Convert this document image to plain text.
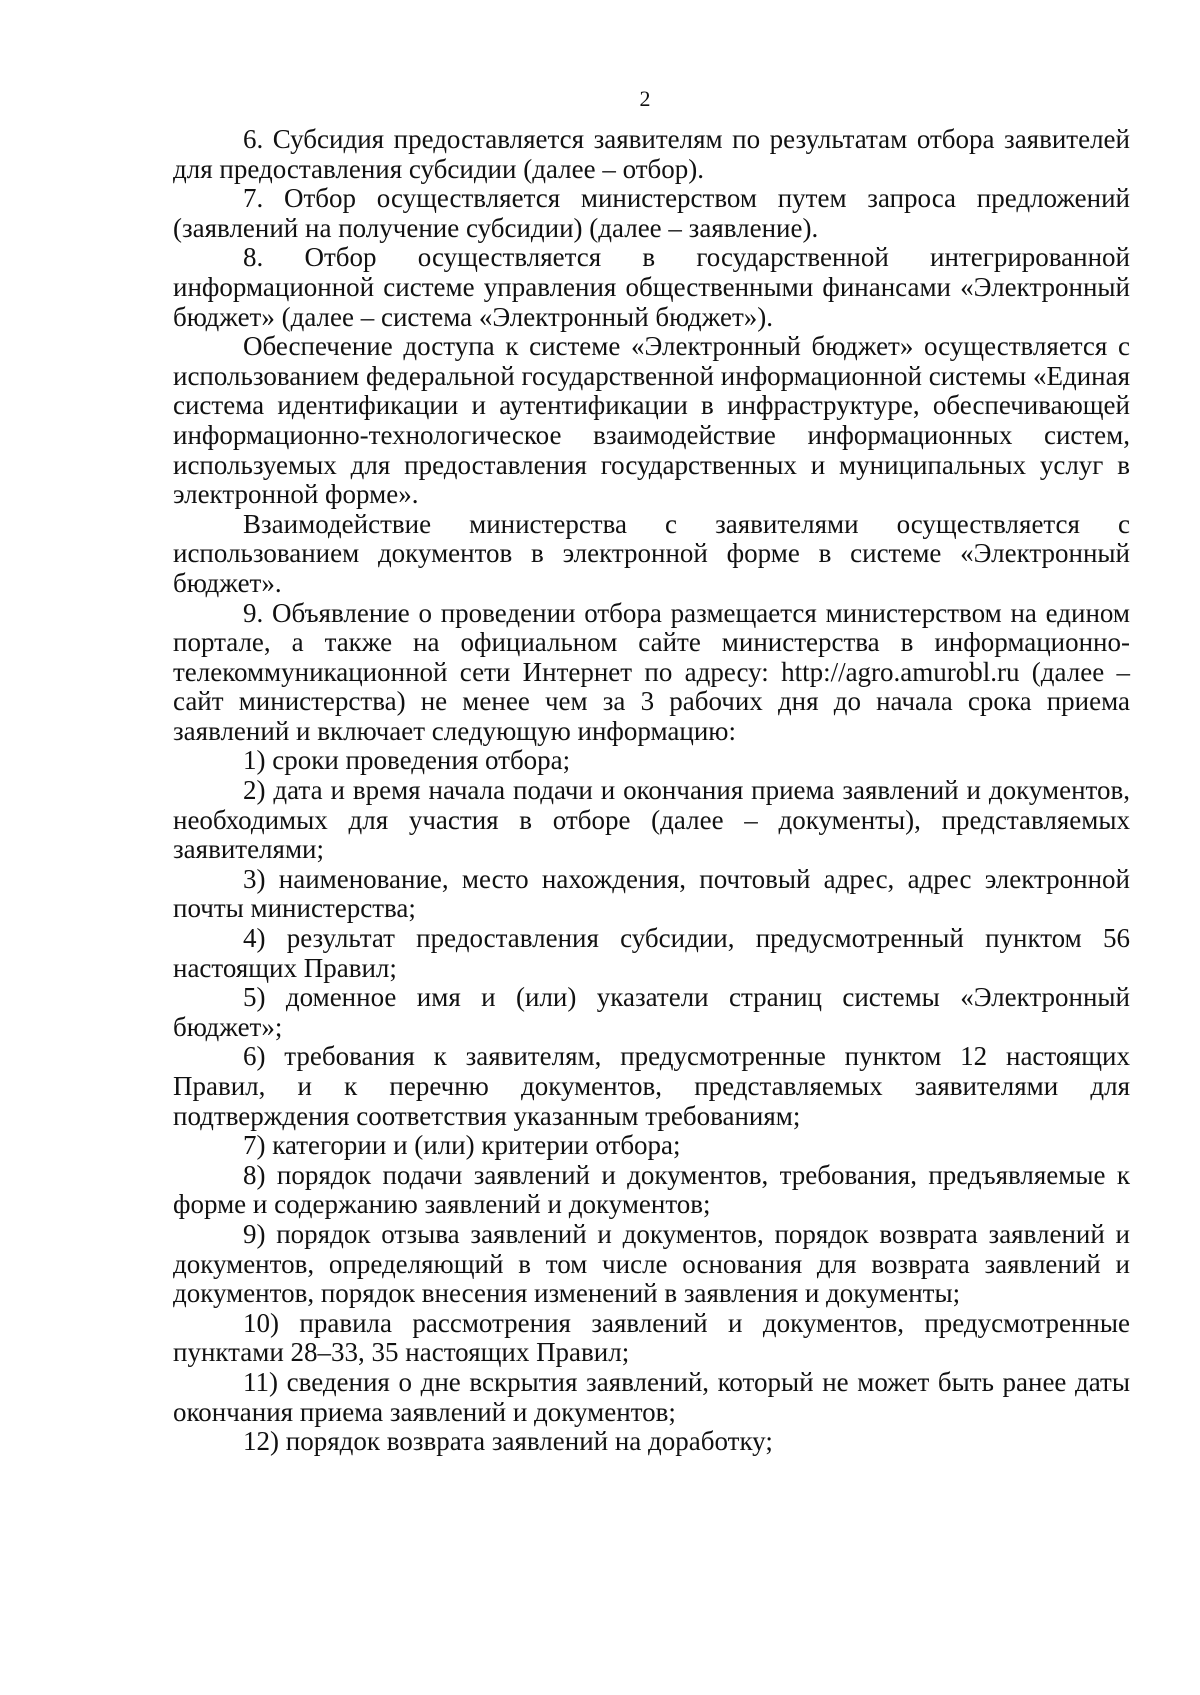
2

6. Субсидия предоставляется заявителям по результатам отбора заявителей для предоставления субсидии (далее – отбор).

7. Отбор осуществляется министерством путем запроса предложений (заявлений на получение субсидии) (далее – заявление).

8. Отбор осуществляется в государственной интегрированной информационной системе управления общественными финансами «Электронный бюджет» (далее – система «Электронный бюджет»).

Обеспечение доступа к системе «Электронный бюджет» осуществляется с использованием федеральной государственной информационной системы «Единая система идентификации и аутентификации в инфраструктуре, обеспечивающей информационно-технологическое взаимодействие информационных систем, используемых для предоставления государственных и муниципальных услуг в электронной форме».

Взаимодействие министерства с заявителями осуществляется с использованием документов в электронной форме в системе «Электронный бюджет».

9. Объявление о проведении отбора размещается министерством на едином портале, а также на официальном сайте министерства в информационно-телекоммуникационной сети Интернет по адресу: http://agro.amurobl.ru (далее – сайт министерства) не менее чем за 3 рабочих дня до начала срока приема заявлений и включает следующую информацию:

1) сроки проведения отбора;

2) дата и время начала подачи и окончания приема заявлений и документов, необходимых для участия в отборе (далее – документы), представляемых заявителями;

3) наименование, место нахождения, почтовый адрес, адрес электронной почты министерства;

4) результат предоставления субсидии, предусмотренный пунктом 56 настоящих Правил;

5) доменное имя и (или) указатели страниц системы «Электронный бюджет»;

6) требования к заявителям, предусмотренные пунктом 12 настоящих Правил, и к перечню документов, представляемых заявителями для подтверждения соответствия указанным требованиям;

7) категории и (или) критерии отбора;

8) порядок подачи заявлений и документов, требования, предъявляемые к форме и содержанию заявлений и документов;

9) порядок отзыва заявлений и документов, порядок возврата заявлений и документов, определяющий в том числе основания для возврата заявлений и документов, порядок внесения изменений в заявления и документы;

10) правила рассмотрения заявлений и документов, предусмотренные пунктами 28–33, 35 настоящих Правил;

11) сведения о дне вскрытия заявлений, который не может быть ранее даты окончания приема заявлений и документов;

12) порядок возврата заявлений на доработку;
